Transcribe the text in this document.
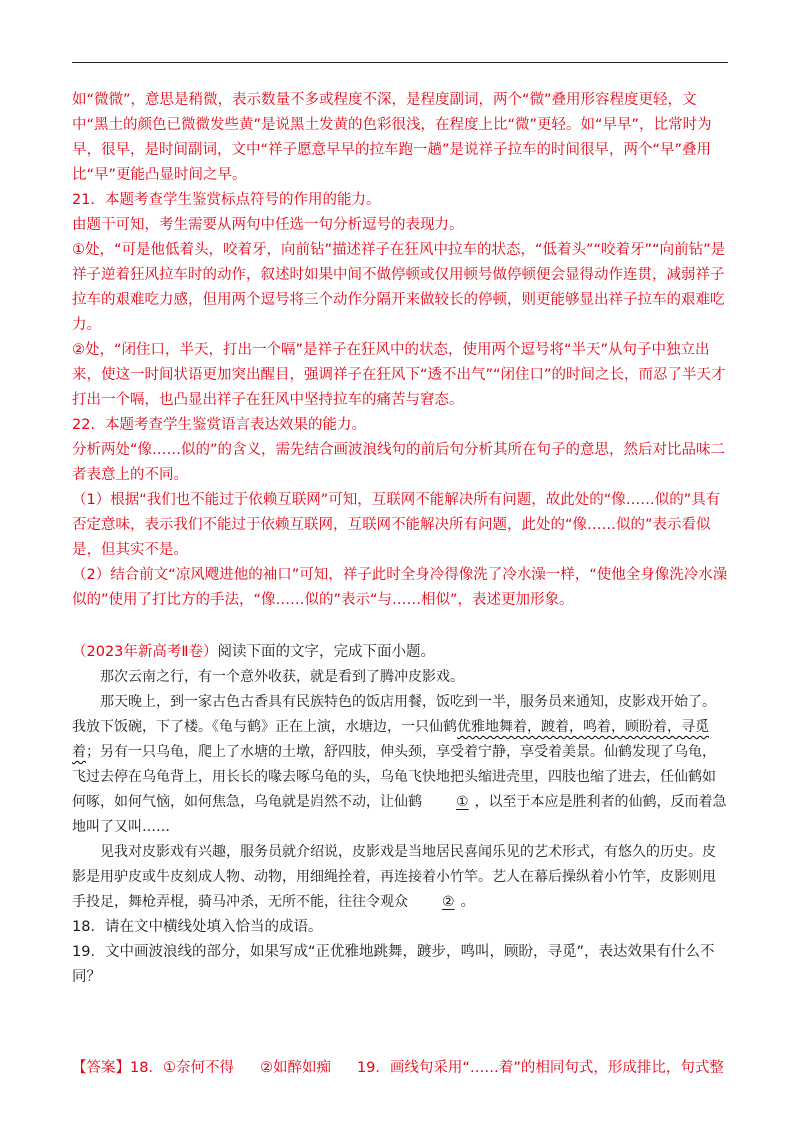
如“微微”，意思是稍微，表示数量不多或程度不深，是程度副词，两个“微”叠用形容程度更轻，文中“黑土的颜色已微微发些黄”是说黑土发黄的色彩很浅，在程度上比“微”更轻。如“早早”，比常时为早，很早，是时间副词，文中“祥子愿意早早的拉车跑一趟”是说祥子拉车的时间很早，两个“早”叠用比“早”更能凸显时间之早。

21．本题考查学生鉴赏标点符号的作用的能力。

由题干可知，考生需要从两句中任选一句分析逗号的表现力。

①处，“可是他低着头，咬着牙，向前钻”描述祥子在狂风中拉车的状态，“低着头”“咬着牙”“向前钻”是祥子逆着狂风拉车时的动作，叙述时如果中间不做停顿或仅用顿号做停顿便会显得动作连贯，减弱祥子拉车的艰难吃力感，但用两个逗号将三个动作分隔开来做较长的停顿，则更能够显出祥子拉车的艰难吃力。

②处，“闭住口，半天，打出一个嗝”是祥子在狂风中的状态，使用两个逗号将“半天”从句子中独立出来，使这一时间状语更加突出醒目，强调祥子在狂风下“透不出气”“闭住口”的时间之长，而忍了半天才打出一个嗝，也凸显出祥子在狂风中坚持拉车的痛苦与窘态。

22．本题考查学生鉴赏语言表达效果的能力。

分析两处“像……似的”的含义，需先结合画波浪线句的前后句分析其所在句子的意思，然后对比品味二者表意上的不同。

（1）根据“我们也不能过于依赖互联网”可知，互联网不能解决所有问题，故此处的“像……似的”具有否定意味，表示我们不能过于依赖互联网，互联网不能解决所有问题，此处的“像……似的”表示看似是，但其实不是。

（2）结合前文“凉风飕进他的袖口”可知，祥子此时全身冷得像洗了冷水澡一样，“使他全身像洗冷水澡似的”使用了打比方的手法，“像……似的”表示“与……相似”，表述更加形象。

（2023年新高考Ⅱ卷）阅读下面的文字，完成下面小题。

那次云南之行，有一个意外收获，就是看到了腾冲皮影戏。

那天晚上，到一家古色古香具有民族特色的饭店用餐，饭吃到一半，服务员来通知，皮影戏开始了。我放下饭碗，下了楼。《龟与鹤》正在上演，水塘边，一只仙鹤优雅地舞着，踱着，鸣着，顾盼着，寻觅着；另有一只乌龟，爬上了水塘的土墩，舒四肢，伸头颈，享受着宁静，享受着美景。仙鹤发现了乌龟，飞过去停在乌龟背上，用长长的喙去啄乌龟的头，乌龟飞快地把头缩进壳里，四肢也缩了进去，任仙鹤如何啄，如何气恼，如何焦急，乌龟就是岿然不动，让仙鹤 ① ，以至于本应是胜利者的仙鹤，反而着急地叫了又叫……

见我对皮影戏有兴趣，服务员就介绍说，皮影戏是当地居民喜闻乐见的艺术形式，有悠久的历史。皮影是用驴皮或牛皮刻成人物、动物，用细绳拴着，再连接着小竹竿。艺人在幕后操纵着小竹竿，皮影则甩手投足，舞枪弄棍，骑马冲杀，无所不能，往往令观众 ② 。

18．请在文中横线处填入恰当的成语。

19．文中画波浪线的部分，如果写成“正优雅地跳舞，踱步，鸣叫，顾盼，寻觅”，表达效果有什么不同？

【答案】18．①奈何不得 ②如醉如痴 19．画线句采用“……着”的相同句式，形成排比，句式整
